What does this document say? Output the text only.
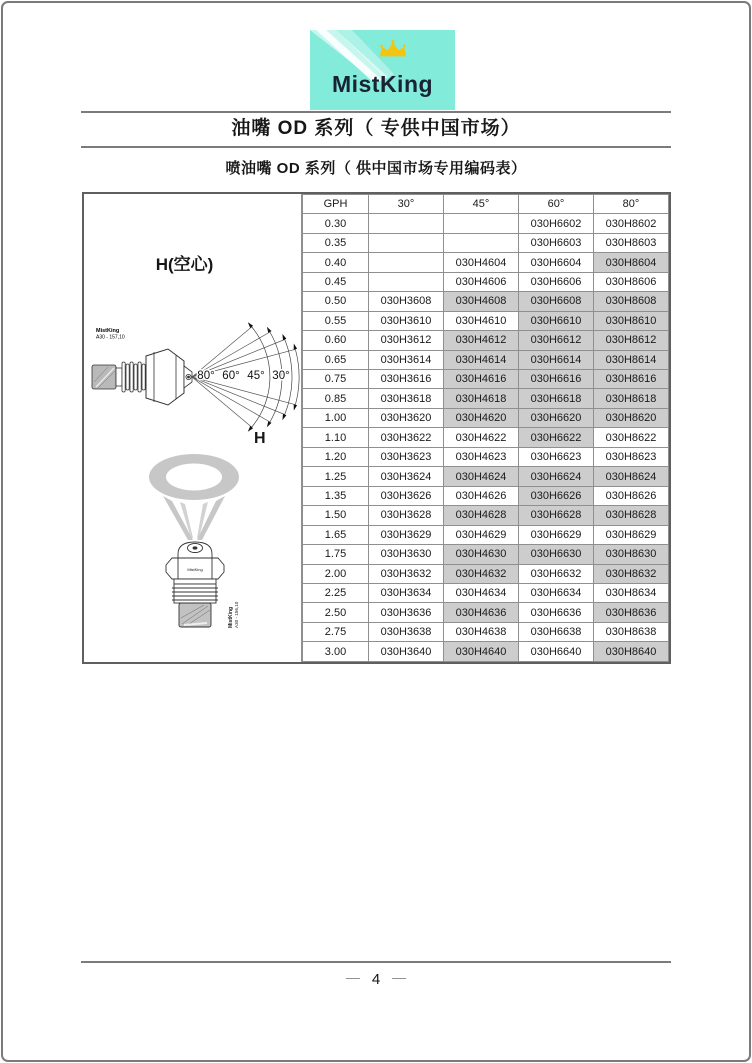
MistKing
油嘴 OD 系列（ 专供中国市场）
喷油嘴 OD 系列（ 供中国市场专用编码表）
H(空心)
MistKing
A30 - 157,10
80° 60° 45° 30°
H
MistKing
MistKing A30 - 156,10
GPH	30°	45°	60°	80°
0.30			030H6602	030H8602
0.35			030H6603	030H8603
0.40		030H4604	030H6604	030H8604
0.45		030H4606	030H6606	030H8606
0.50	030H3608	030H4608	030H6608	030H8608
0.55	030H3610	030H4610	030H6610	030H8610
0.60	030H3612	030H4612	030H6612	030H8612
0.65	030H3614	030H4614	030H6614	030H8614
0.75	030H3616	030H4616	030H6616	030H8616
0.85	030H3618	030H4618	030H6618	030H8618
1.00	030H3620	030H4620	030H6620	030H8620
1.10	030H3622	030H4622	030H6622	030H8622
1.20	030H3623	030H4623	030H6623	030H8623
1.25	030H3624	030H4624	030H6624	030H8624
1.35	030H3626	030H4626	030H6626	030H8626
1.50	030H3628	030H4628	030H6628	030H8628
1.65	030H3629	030H4629	030H6629	030H8629
1.75	030H3630	030H4630	030H6630	030H8630
2.00	030H3632	030H4632	030H6632	030H8632
2.25	030H3634	030H4634	030H6634	030H8634
2.50	030H3636	030H4636	030H6636	030H8636
2.75	030H3638	030H4638	030H6638	030H8638
3.00	030H3640	030H4640	030H6640	030H8640
— 4 —
